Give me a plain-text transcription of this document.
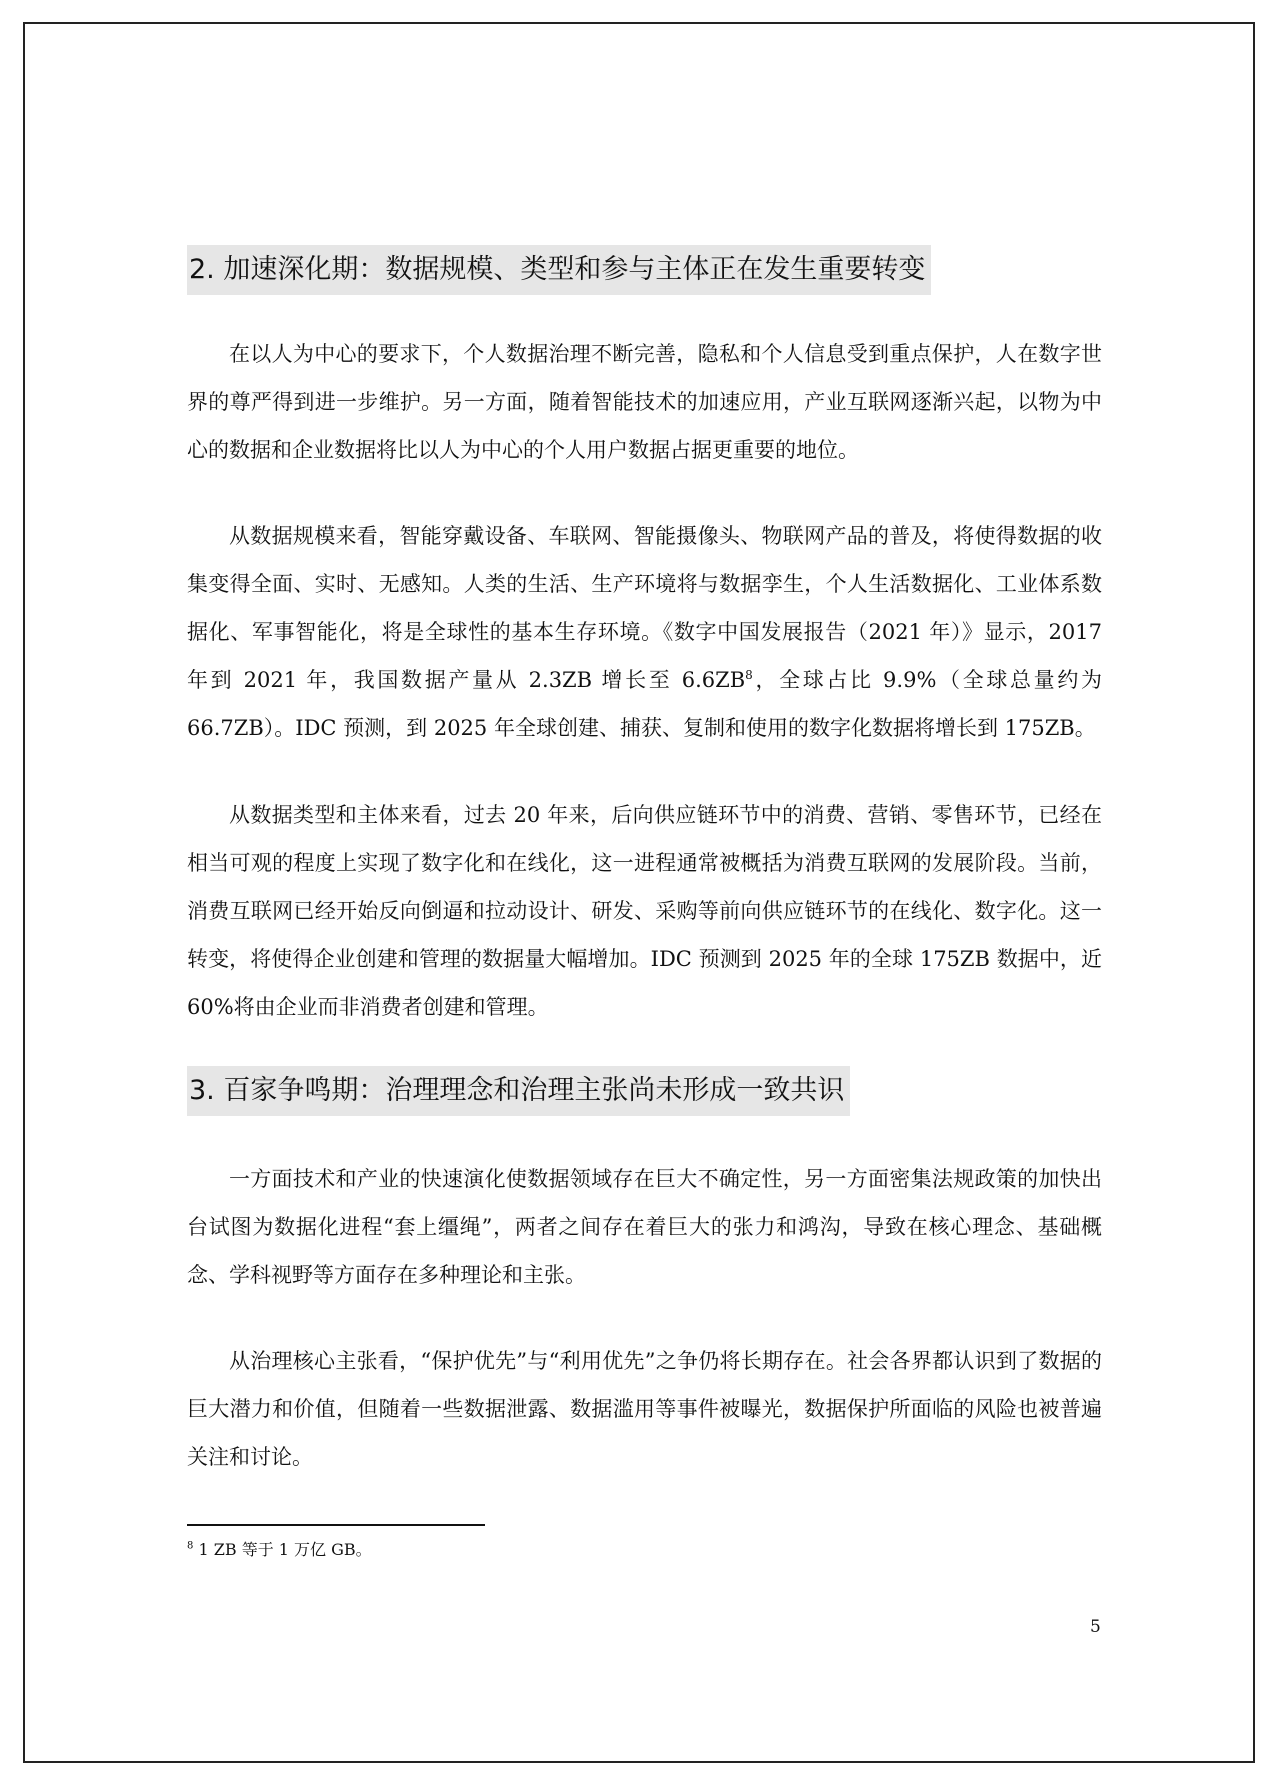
2. 加速深化期：数据规模、类型和参与主体正在发生重要转变

在以人为中心的要求下，个人数据治理不断完善，隐私和个人信息受到重点保护，人在数字世界的尊严得到进一步维护。另一方面，随着智能技术的加速应用，产业互联网逐渐兴起，以物为中心的数据和企业数据将比以人为中心的个人用户数据占据更重要的地位。

从数据规模来看，智能穿戴设备、车联网、智能摄像头、物联网产品的普及，将使得数据的收集变得全面、实时、无感知。人类的生活、生产环境将与数据孪生，个人生活数据化、工业体系数据化、军事智能化，将是全球性的基本生存环境。《数字中国发展报告（2021 年）》显示，2017 年到 2021 年，我国数据产量从 2.3ZB 增长至 $6.6ZB^8$，全球占比 9.9%（全球总量约为 66.7ZB）。IDC 预测，到 2025 年全球创建、捕获、复制和使用的数字化数据将增长到 175ZB。

从数据类型和主体来看，过去 20 年来，后向供应链环节中的消费、营销、零售环节，已经在相当可观的程度上实现了数字化和在线化，这一进程通常被概括为消费互联网的发展阶段。当前，消费互联网已经开始反向倒逼和拉动设计、研发、采购等前向供应链环节的在线化、数字化。这一转变，将使得企业创建和管理的数据量大幅增加。IDC 预测到 2025 年的全球 175ZB 数据中，近 60%将由企业而非消费者创建和管理。

3. 百家争鸣期：治理理念和治理主张尚未形成一致共识

一方面技术和产业的快速演化使数据领域存在巨大不确定性，另一方面密集法规政策的加快出台试图为数据化进程“套上缰绳”，两者之间存在着巨大的张力和鸿沟，导致在核心理念、基础概念、学科视野等方面存在多种理论和主张。

从治理核心主张看，“保护优先”与“利用优先”之争仍将长期存在。社会各界都认识到了数据的巨大潜力和价值，但随着一些数据泄露、数据滥用等事件被曝光，数据保护所面临的风险也被普遍关注和讨论。

$^8$ 1 ZB 等于 1 万亿 GB。
5
